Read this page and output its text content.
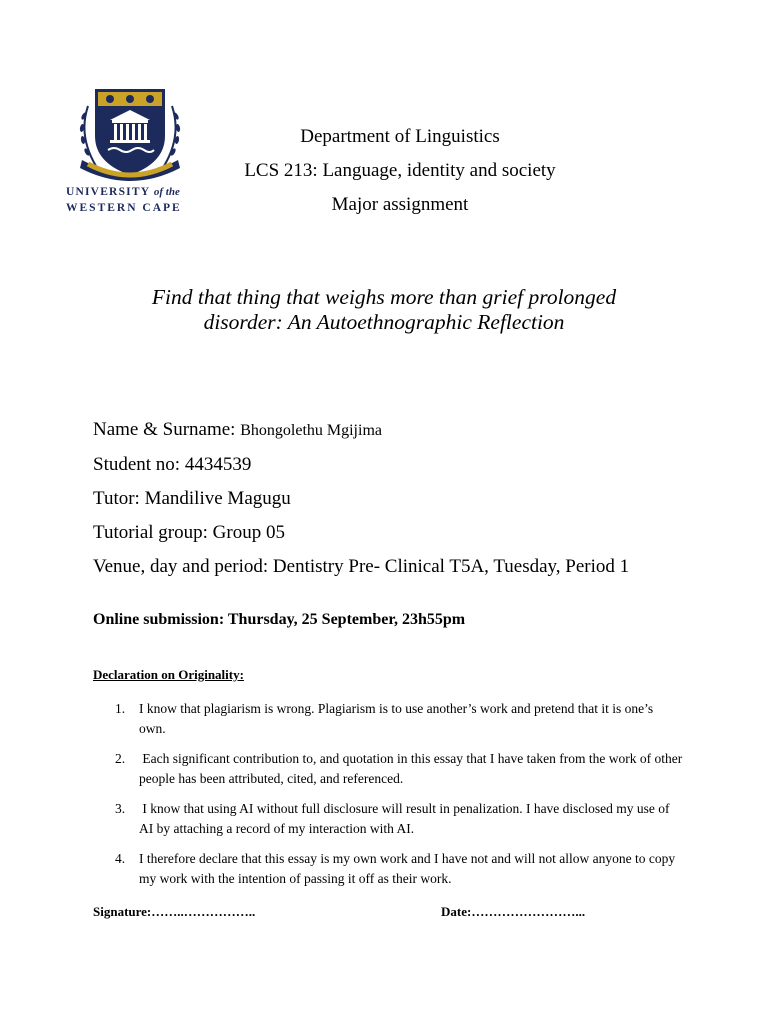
UNIVERSITY of the
WESTERN CAPE
Department of Linguistics
LCS 213: Language, identity and society
Major assignment
Find that thing that weighs more than grief prolonged
disorder: An Autoethnographic Reflection
Name & Surname: Bhongolethu Mgijima
Student no: 4434539
Tutor: Mandilive Magugu
Tutorial group: Group 05
Venue, day and period: Dentistry Pre- Clinical T5A, Tuesday, Period 1
Online submission: Thursday, 25 September, 23h55pm
Declaration on Originality:
1. I know that plagiarism is wrong. Plagiarism is to use another’s work and pretend that it is one’s own.
2. Each significant contribution to, and quotation in this essay that I have taken from the work of other people has been attributed, cited, and referenced.
3. I know that using AI without full disclosure will result in penalization. I have disclosed my use of AI by attaching a record of my interaction with AI.
4. I therefore declare that this essay is my own work and I have not and will not allow anyone to copy my work with the intention of passing it off as their work.
Signature:……..……………..	Date:……………………...
